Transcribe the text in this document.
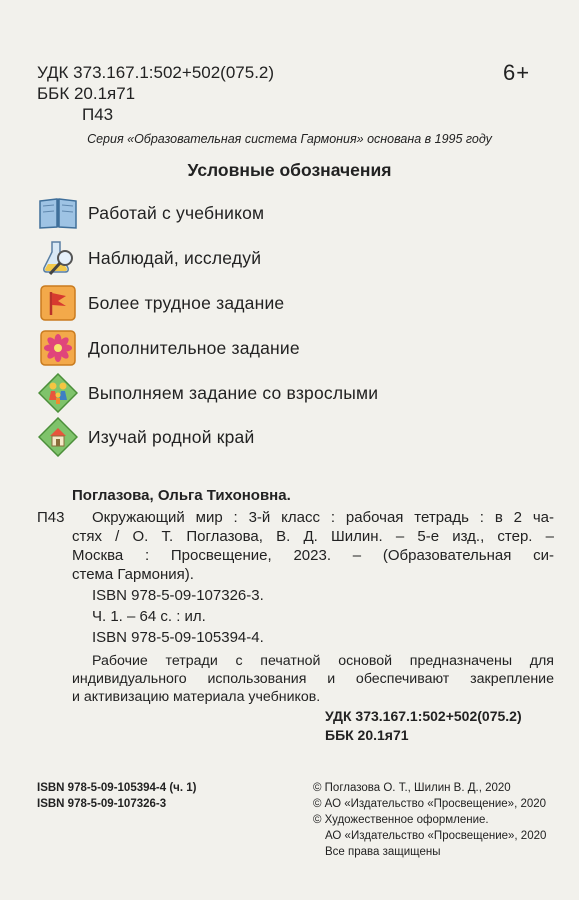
УДК 373.167.1:502+502(075.2)
ББК 20.1я71
П43
6+
Серия «Образовательная система Гармония» основана в 1995 году
Условные обозначения
Работай с учебником
Наблюдай, исследуй
Более трудное задание
Дополнительное задание
Выполняем задание со взрослыми
Изучай родной край
Поглазова, Ольга Тихоновна.
П43 Окружающий мир : 3-й класс : рабочая тетрадь : в 2 ча-
стях / О. Т. Поглазова, В. Д. Шилин. – 5-е изд., стер. –
Москва : Просвещение, 2023. – (Образовательная си-
стема Гармония).
ISBN 978-5-09-107326-3.
Ч. 1. – 64 с. : ил.
ISBN 978-5-09-105394-4.
Рабочие тетради с печатной основой предназначены для
индивидуального использования и обеспечивают закрепление
и активизацию материала учебников.
УДК 373.167.1:502+502(075.2)
ББК 20.1я71
ISBN 978-5-09-105394-4 (ч. 1)
ISBN 978-5-09-107326-3
© Поглазова О. Т., Шилин В. Д., 2020
© АО «Издательство «Просвещение», 2020
© Художественное оформление.
АО «Издательство «Просвещение», 2020
Все права защищены
